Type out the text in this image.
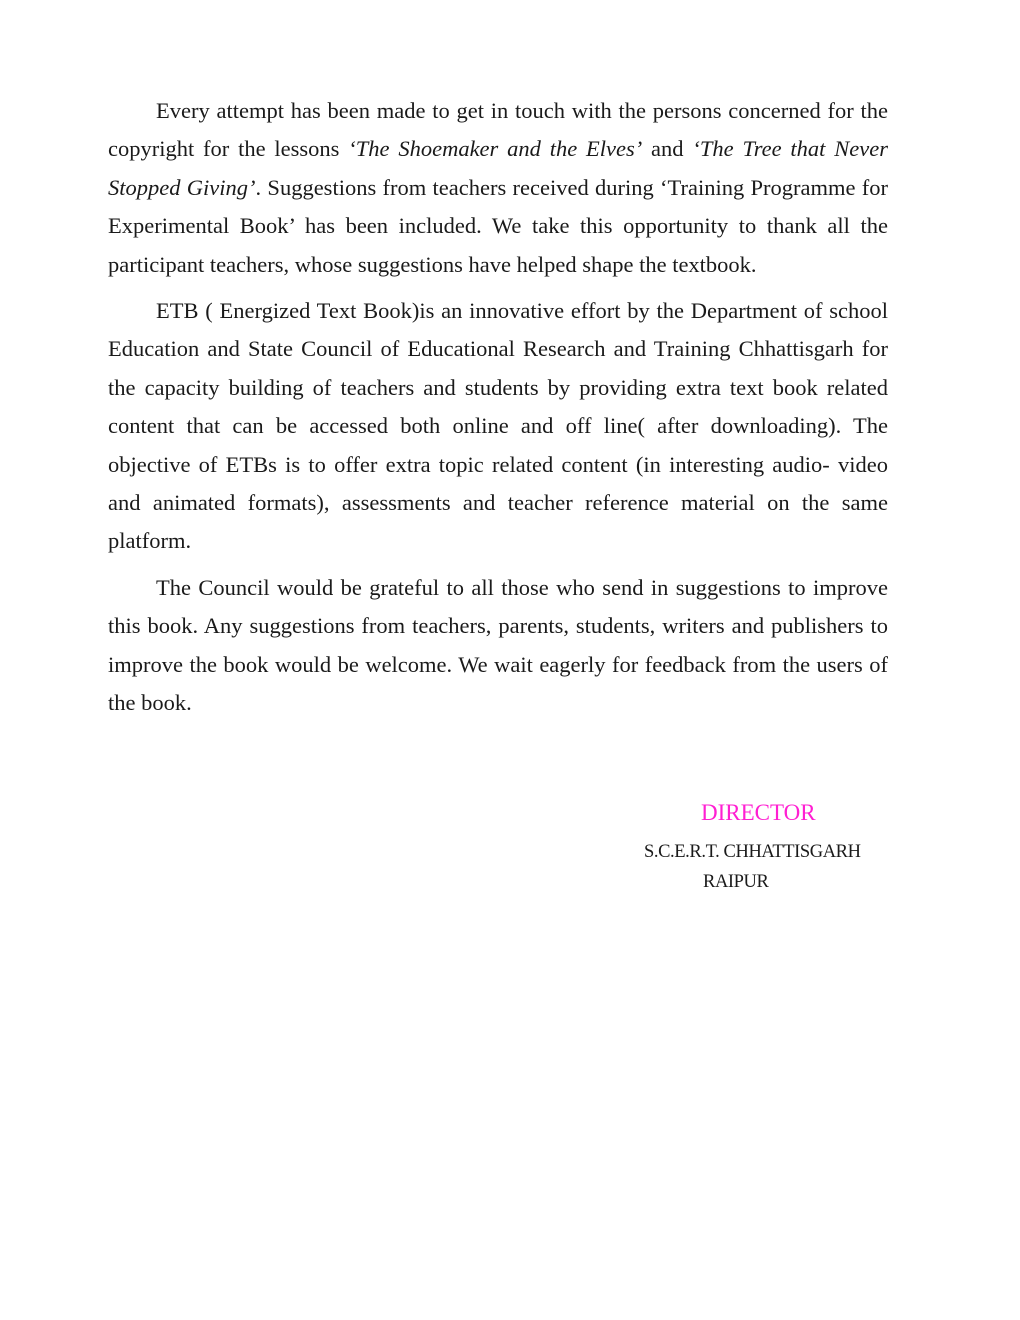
Every attempt has been made to get in touch with the persons concerned for the copyright for the lessons ‘The Shoemaker and the Elves’ and ‘The Tree that Never Stopped Giving’. Suggestions from teachers received during ‘Training Programme for Experimental Book’ has been included. We take this opportunity to thank all the participant teachers, whose suggestions have helped shape the textbook.

ETB ( Energized Text Book)is an innovative effort by the Department of school Education and State Council of Educational Research and Training Chhattisgarh for the capacity building of teachers and students by providing extra text book related content that can be accessed both online and off line( after downloading). The objective of ETBs is to offer extra topic related content (in interesting audio- video and animated formats), assessments and teacher reference material on the same platform.

The Council would be grateful to all those who send in suggestions to improve this book. Any suggestions from teachers, parents, students, writers and publishers to improve the book would be welcome. We wait eagerly for feedback from the users of the book.

DIRECTOR
S.C.E.R.T. CHHATTISGARH
RAIPUR
